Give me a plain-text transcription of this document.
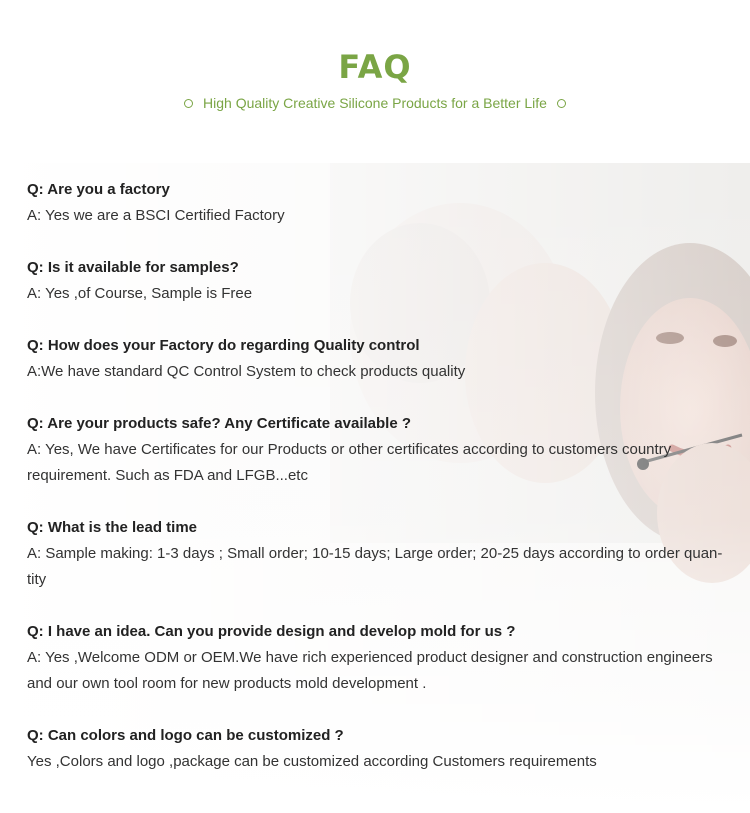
FAQ
High Quality Creative Silicone Products for a Better Life
Q: Are you a factory
A: Yes we are a BSCI Certified Factory
Q: Is it available for samples?
A: Yes ,of Course, Sample is Free
Q: How does your Factory do regarding Quality control
A:We have standard QC Control System to check products quality
Q: Are your products safe? Any Certificate available ?
A: Yes, We have Certificates for our Products or other certificates according to customers country
requirement. Such as FDA and LFGB...etc
Q: What is the lead time
A: Sample making: 1-3 days ; Small order; 10-15 days; Large order; 20-25 days according to order quan-
tity
Q: I have an idea. Can you provide design and develop mold for us ?
A: Yes ,Welcome ODM or OEM.We have rich experienced product designer and construction engineers
and our own tool room for new products mold development .
Q: Can colors and logo can be customized ?
Yes ,Colors and logo ,package can be customized according Customers requirements
